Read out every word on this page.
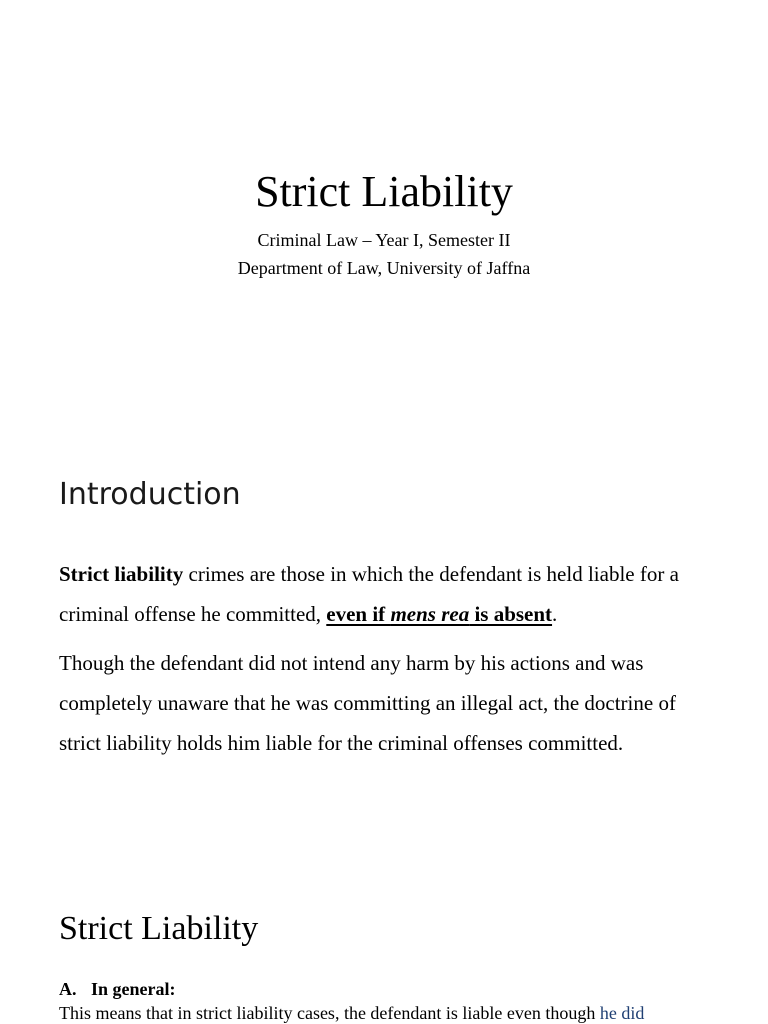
Strict Liability

Criminal Law – Year I, Semester II

Department of Law, University of Jaffna

Introduction

Strict liability crimes are those in which the defendant is held liable for a criminal offense he committed, even if mens rea is absent.

Though the defendant did not intend any harm by his actions and was completely unaware that he was committing an illegal act, the doctrine of strict liability holds him liable for the criminal offenses committed.

Strict Liability

A. In general:

This means that in strict liability cases, the defendant is liable even though he did
